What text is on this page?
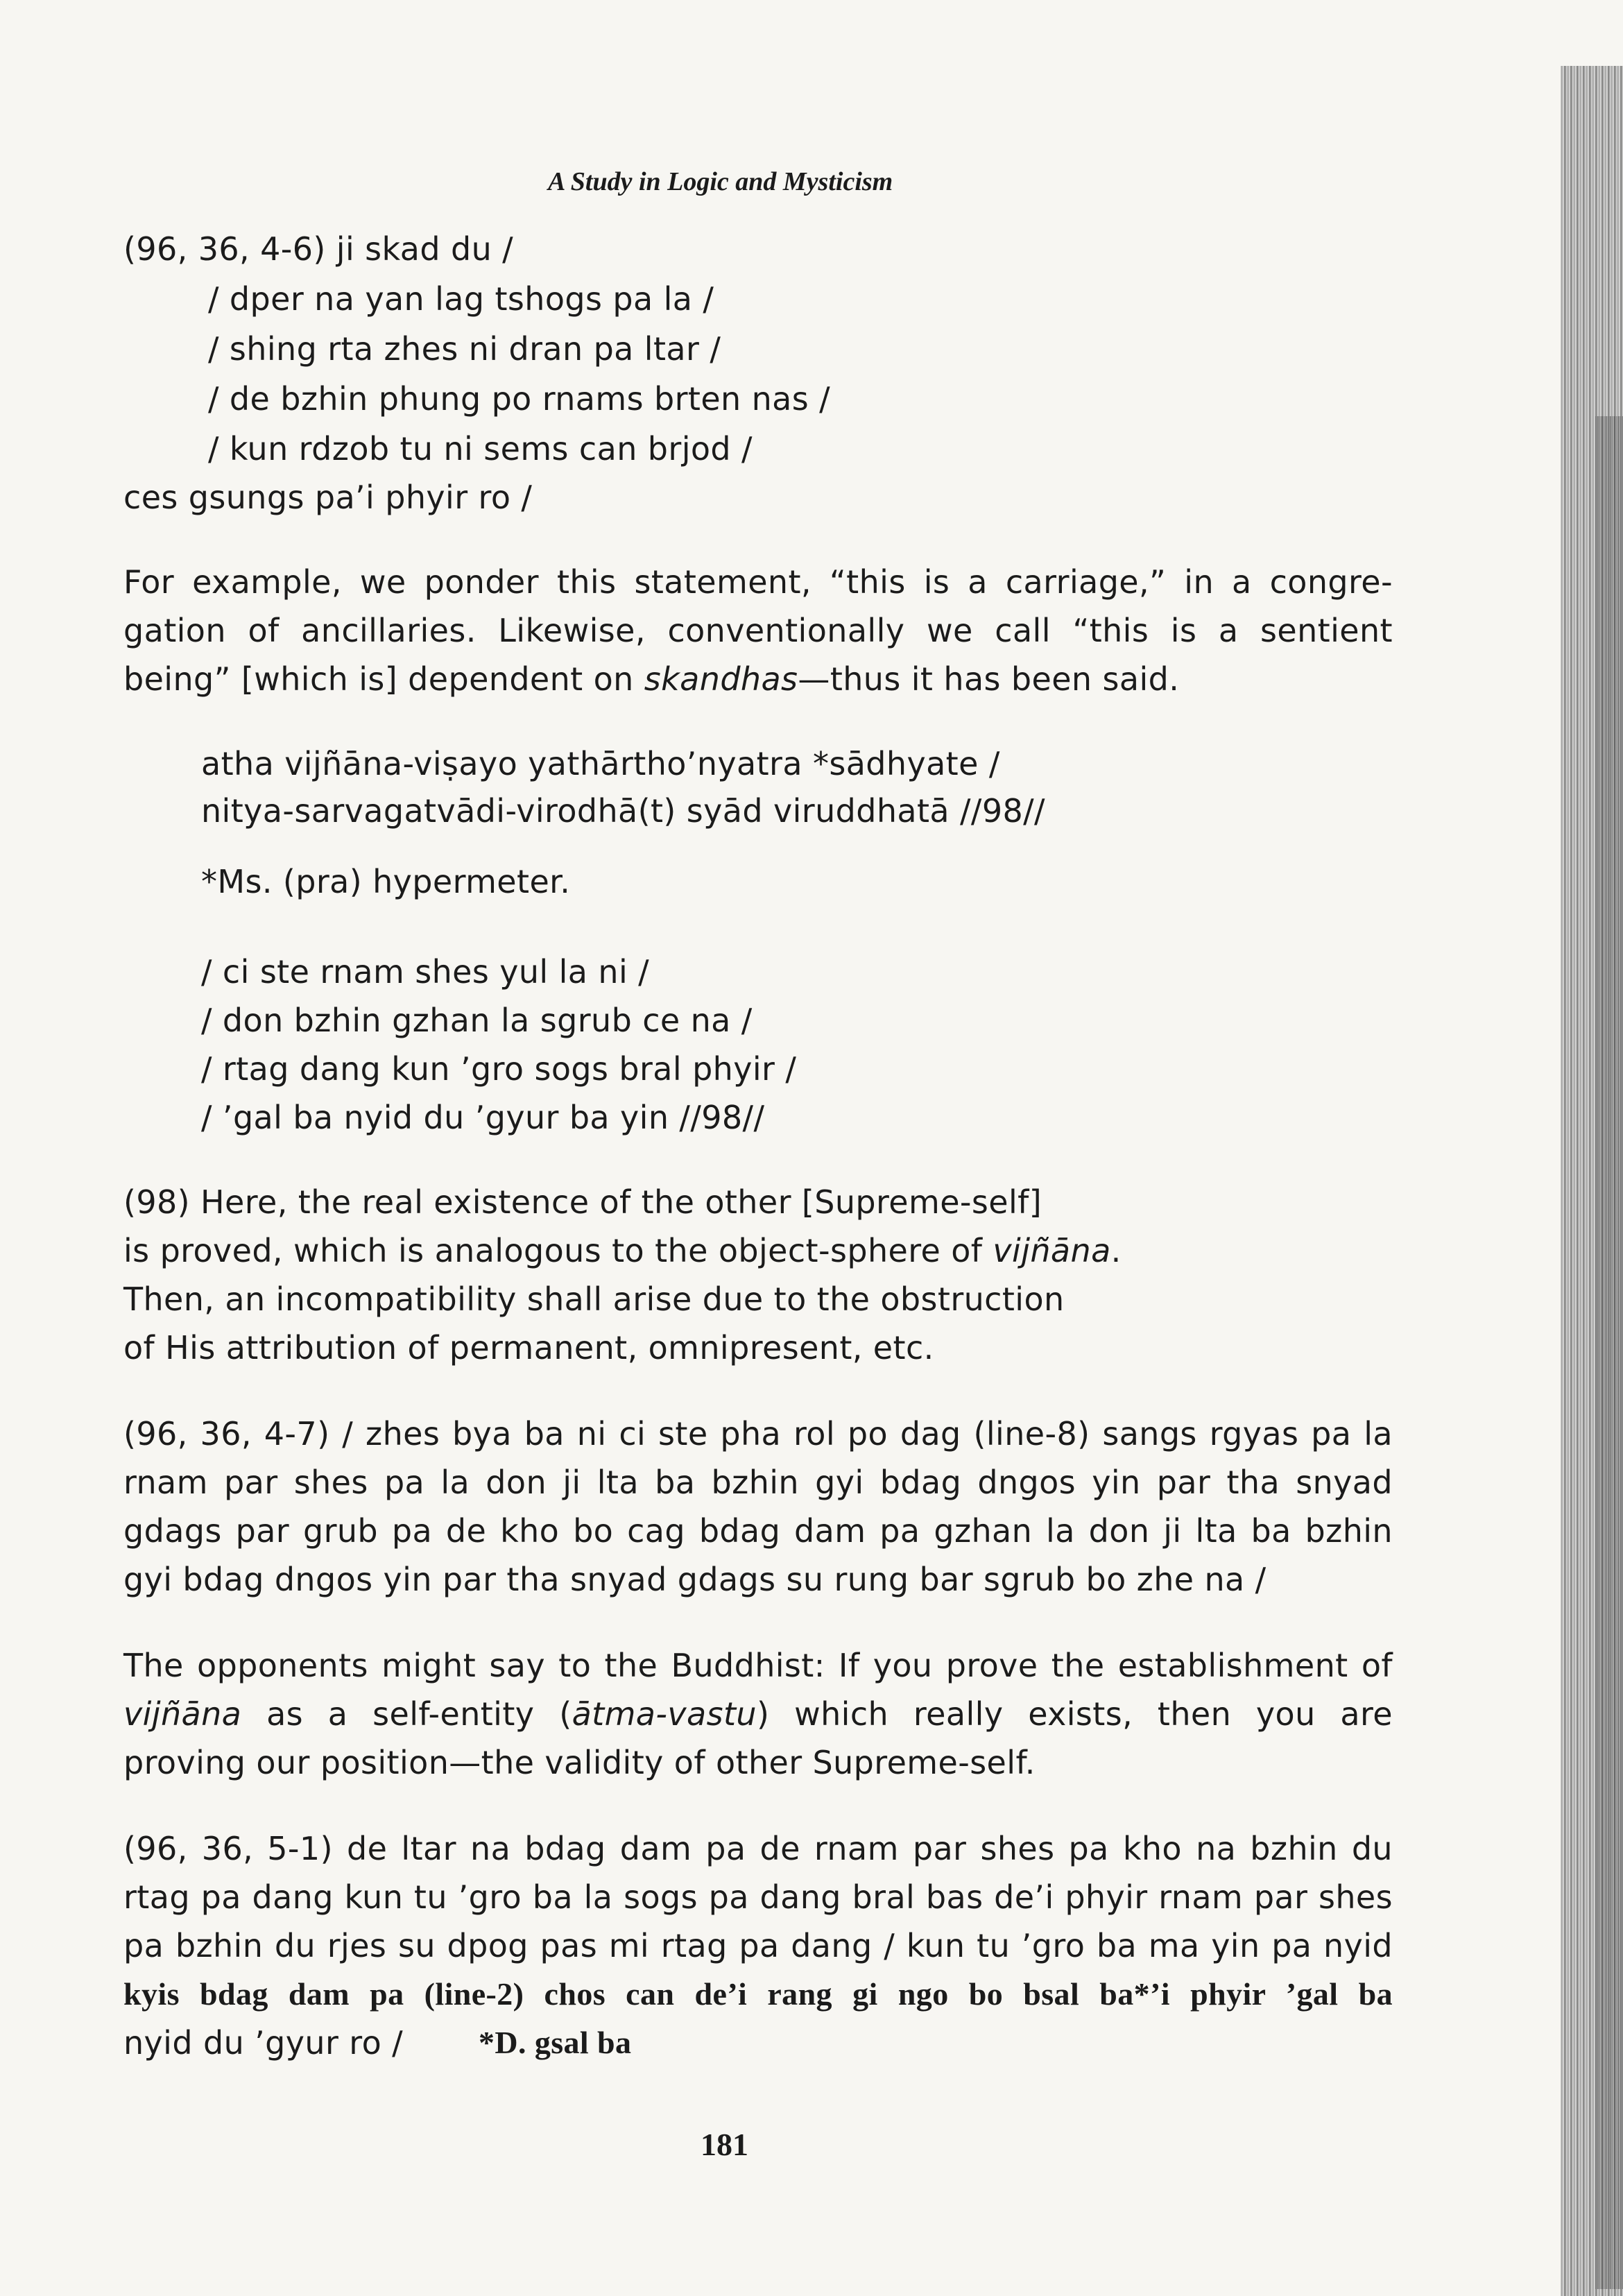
A Study in Logic and Mysticism
(96, 36, 4-6) ji skad du /
/ dper na yan lag tshogs pa la /
/ shing rta zhes ni dran pa ltar /
/ de bzhin phung po rnams brten nas /
/ kun rdzob tu ni sems can brjod /
ces gsungs pa’i phyir ro /
For example, we ponder this statement, “this is a carriage,” in a congre-
gation of ancillaries. Likewise, conventionally we call “this is a sentient
being” [which is] dependent on skandhas—thus it has been said.
atha vijñāna-viṣayo yathārtho’nyatra *sādhyate /
nitya-sarvagatvādi-virodhā(t) syād viruddhatā //98//
*Ms. (pra) hypermeter.
/ ci ste rnam shes yul la ni /
/ don bzhin gzhan la sgrub ce na /
/ rtag dang kun ’gro sogs bral phyir /
/ ’gal ba nyid du ’gyur ba yin //98//
(98) Here, the real existence of the other [Supreme-self]
is proved, which is analogous to the object-sphere of vijñāna.
Then, an incompatibility shall arise due to the obstruction
of His attribution of permanent, omnipresent, etc.
(96, 36, 4-7) / zhes bya ba ni ci ste pha rol po dag (line-8) sangs rgyas pa la
rnam par shes pa la don ji lta ba bzhin gyi bdag dngos yin par tha snyad
gdags par grub pa de kho bo cag bdag dam pa gzhan la don ji lta ba bzhin
gyi bdag dngos yin par tha snyad gdags su rung bar sgrub bo zhe na /
The opponents might say to the Buddhist: If you prove the establishment of
vijñāna as a self-entity (ātma-vastu) which really exists, then you are
proving our position—the validity of other Supreme-self.
(96, 36, 5-1) de ltar na bdag dam pa de rnam par shes pa kho na bzhin du
rtag pa dang kun tu ’gro ba la sogs pa dang bral bas de’i phyir rnam par shes
pa bzhin du rjes su dpog pas mi rtag pa dang / kun tu ’gro ba ma yin pa nyid
kyis bdag dam pa (line-2) chos can de’i rang gi ngo bo bsal ba*’i phyir ’gal ba
nyid du ’gyur ro / *D. gsal ba
181
